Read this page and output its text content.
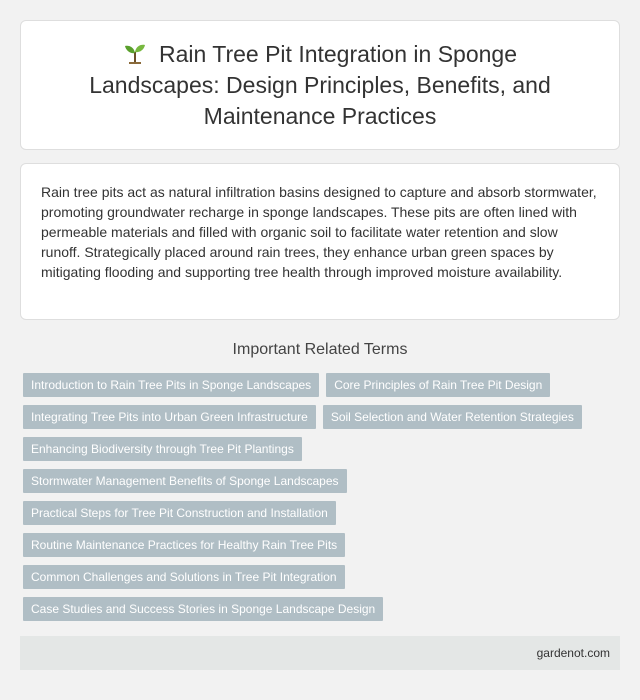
Rain Tree Pit Integration in Sponge Landscapes: Design Principles, Benefits, and Maintenance Practices

Rain tree pits act as natural infiltration basins designed to capture and absorb stormwater, promoting groundwater recharge in sponge landscapes. These pits are often lined with permeable materials and filled with organic soil to facilitate water retention and slow runoff. Strategically placed around rain trees, they enhance urban green spaces by mitigating flooding and supporting tree health through improved moisture availability.

Important Related Terms
Introduction to Rain Tree Pits in Sponge Landscapes	Core Principles of Rain Tree Pit Design
Integrating Tree Pits into Urban Green Infrastructure	Soil Selection and Water Retention Strategies
Enhancing Biodiversity through Tree Pit Plantings
Stormwater Management Benefits of Sponge Landscapes
Practical Steps for Tree Pit Construction and Installation
Routine Maintenance Practices for Healthy Rain Tree Pits
Common Challenges and Solutions in Tree Pit Integration
Case Studies and Success Stories in Sponge Landscape Design
gardenot.com
